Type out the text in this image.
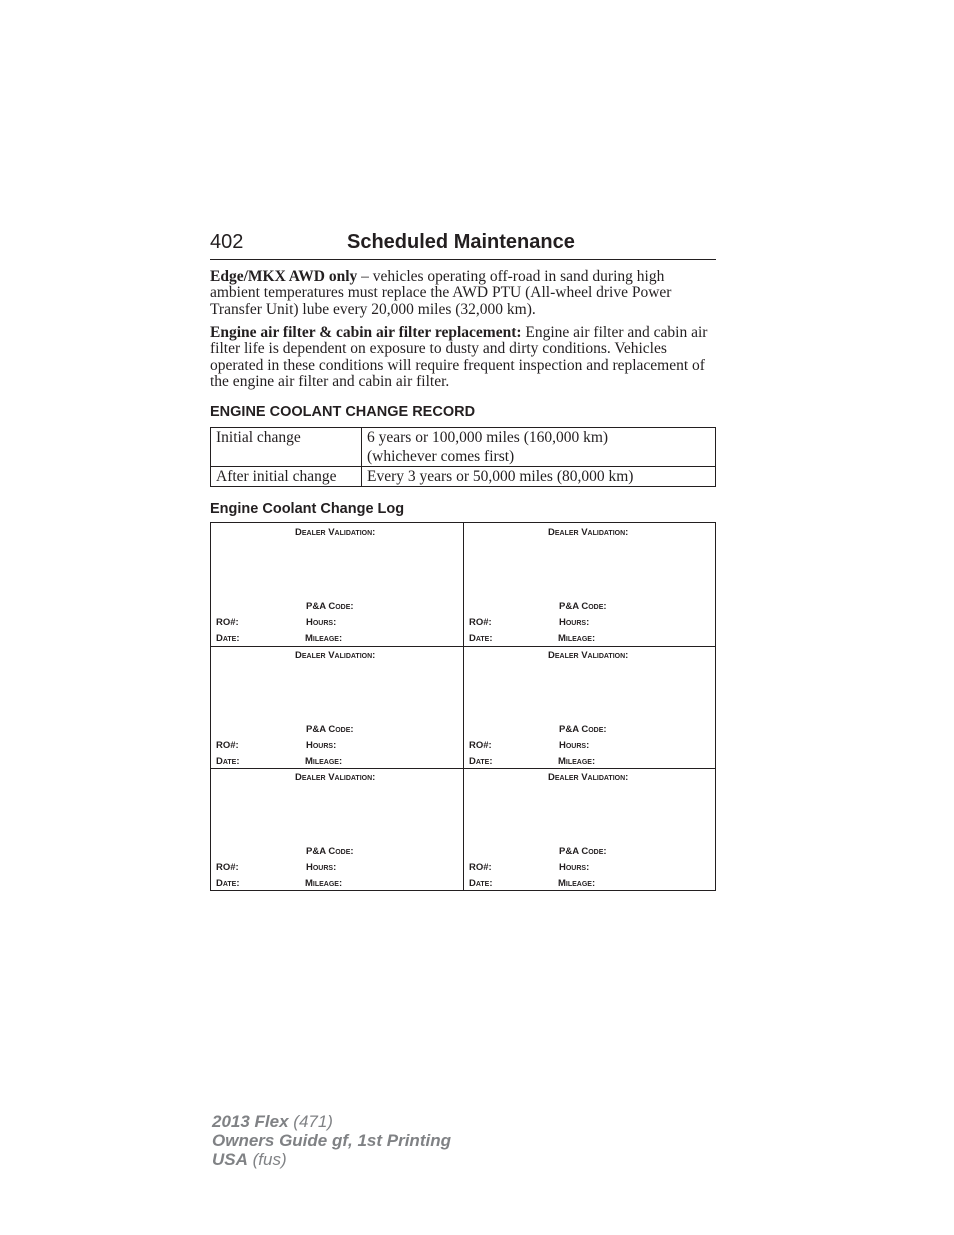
402	Scheduled Maintenance

Edge/MKX AWD only – vehicles operating off-road in sand during high ambient temperatures must replace the AWD PTU (All-wheel drive Power Transfer Unit) lube every 20,000 miles (32,000 km).

Engine air filter & cabin air filter replacement: Engine air filter and cabin air filter life is dependent on exposure to dusty and dirty conditions. Vehicles operated in these conditions will require frequent inspection and replacement of the engine air filter and cabin air filter.

ENGINE COOLANT CHANGE RECORD
Initial change	6 years or 100,000 miles (160,000 km)
(whichever comes first)
After initial change	Every 3 years or 50,000 miles (80,000 km)
Engine Coolant Change Log
Dealer Validation:
P&A Code:
RO#:	Hours:
Date:	Mileage:
Dealer Validation:
P&A Code:
RO#:	Hours:
Date:	Mileage:
Dealer Validation:
P&A Code:
RO#:	Hours:
Date:	Mileage:
Dealer Validation:
P&A Code:
RO#:	Hours:
Date:	Mileage:
Dealer Validation:
P&A Code:
RO#:	Hours:
Date:	Mileage:
Dealer Validation:
P&A Code:
RO#:	Hours:
Date:	Mileage:
2013 Flex (471)
Owners Guide gf, 1st Printing
USA (fus)
